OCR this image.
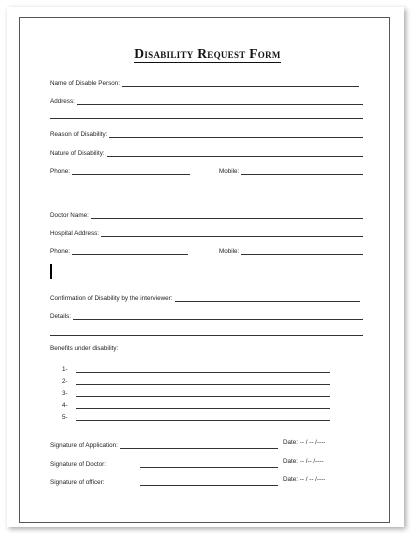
Disability Request Form
Name of Disable Person:
Address:
Reason of Disability:
Nature of Disability:
Phone:	Mobile:
Doctor Name:
Hospital Address:
Phone:	Mobile:
Confirmation of Disability by the interviewer:
Details:
Benefits under disability:
1-
2-
3-
4-
5-
Signature of Application:	Date: -- / -- /----
Signature of Doctor:	Date: -- /-- /----
Signature of officer:	Date: -- / -- /----
